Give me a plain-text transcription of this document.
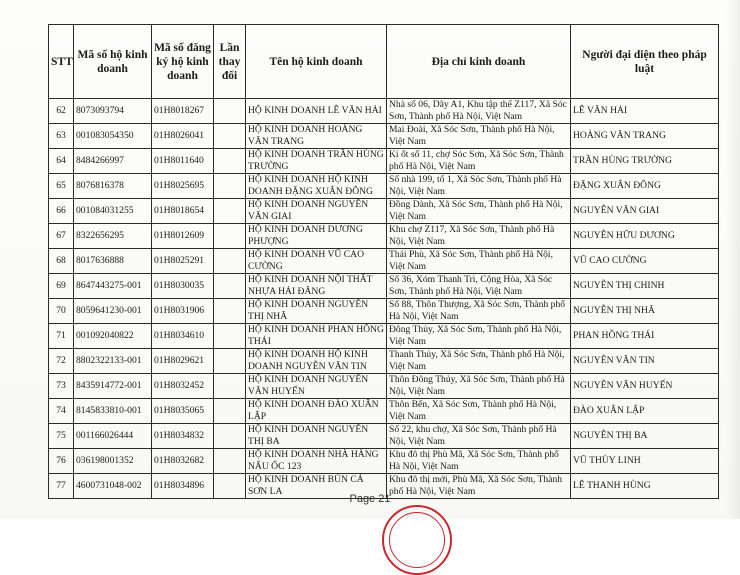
STT	Mã số hộ kinh doanh	Mã số đăng ký hộ kinh doanh	Lần thay đổi	Tên hộ kinh doanh	Địa chỉ kinh doanh	Người đại diện theo pháp luật
62	8073093794	01H8018267		HỘ KINH DOANH LÊ VĂN HẢI	Nhà số 06, Dãy A1, Khu tập thể Z117, Xã Sóc Sơn, Thành phố Hà Nội, Việt Nam	LÊ VĂN HẢI
63	001083054350	01H8026041		HỘ KINH DOANH HOÀNG VĂN TRANG	Mai Đoài, Xã Sóc Sơn, Thành phố Hà Nội, Việt Nam	HOÀNG VĂN TRANG
64	8484266997	01H8011640		HỘ KINH DOANH TRẦN HÙNG TRƯỜNG	Ki ốt số 11, chợ Sóc Sơn, Xã Sóc Sơn, Thành phố Hà Nội, Việt Nam	TRẦN HÙNG TRƯỜNG
65	8076816378	01H8025695		HỘ KINH DOANH HỘ KINH DOANH ĐẶNG XUÂN ĐÔNG	Số nhà 199, tổ 1, Xã Sóc Sơn, Thành phố Hà Nội, Việt Nam	ĐẶNG XUÂN ĐÔNG
66	001084031255	01H8018654		HỘ KINH DOANH NGUYỄN VĂN GIAI	Đồng Dành, Xã Sóc Sơn, Thành phố Hà Nội, Việt Nam	NGUYỄN VĂN GIAI
67	8322656295	01H8012609		HỘ KINH DOANH DƯƠNG PHƯỢNG	Khu chợ Z117, Xã Sóc Sơn, Thành phố Hà Nội, Việt Nam	NGUYỄN HỮU DƯƠNG
68	8017636888	01H8025291		HỘ KINH DOANH VŨ CAO CƯỜNG	Thái Phù, Xã Sóc Sơn, Thành phố Hà Nội, Việt Nam	VŨ CAO CƯỜNG
69	8647443275-001	01H8030035		HỘ KINH DOANH NỘI THẤT NHỰA HẢI ĐĂNG	Số 36, Xóm Thanh Trì, Cộng Hòa, Xã Sóc Sơn, Thành phố Hà Nội, Việt Nam	NGUYỄN THỊ CHINH
70	8059641230-001	01H8031906		HỘ KINH DOANH NGUYỄN THỊ NHÃ	Số 88, Thôn Thượng, Xã Sóc Sơn, Thành phố Hà Nội, Việt Nam	NGUYỄN THỊ NHÃ
71	001092040822	01H8034610		HỘ KINH DOANH PHAN HỒNG THÁI	Đông Thủy, Xã Sóc Sơn, Thành phố Hà Nội, Việt Nam	PHAN HỒNG THÁI
72	8802322133-001	01H8029621		HỘ KINH DOANH HỘ KINH DOANH NGUYỄN VĂN TIN	Thanh Thủy, Xã Sóc Sơn, Thành phố Hà Nội, Việt Nam	NGUYỄN VĂN TIN
73	8435914772-001	01H8032452		HỘ KINH DOANH NGUYỄN VĂN HUYẾN	Thôn Đông Thủy, Xã Sóc Sơn, Thành phố Hà Nội, Việt Nam	NGUYỄN VĂN HUYẾN
74	8145833810-001	01H8035065		HỘ KINH DOANH ĐÀO XUÂN LẬP	Thôn Bến, Xã Sóc Sơn, Thành phố Hà Nội, Việt Nam	ĐÀO XUÂN LẬP
75	001166026444	01H8034832		HỘ KINH DOANH NGUYỄN THỊ BA	Số 22, khu chợ, Xã Sóc Sơn, Thành phố Hà Nội, Việt Nam	NGUYỄN THỊ BA
76	036198001352	01H8032682		HỘ KINH DOANH NHÀ HÀNG NẤU ỐC 123	Khu đô thị Phù Mã, Xã Sóc Sơn, Thành phố Hà Nội, Việt Nam	VŨ THÙY LINH
77	4600731048-002	01H8034896		HỘ KINH DOANH BÚN CÁ SƠN LA	Khu đô thị mới, Phù Mã, Xã Sóc Sơn, Thành phố Hà Nội, Việt Nam	LÊ THANH HÙNG
Page 21
